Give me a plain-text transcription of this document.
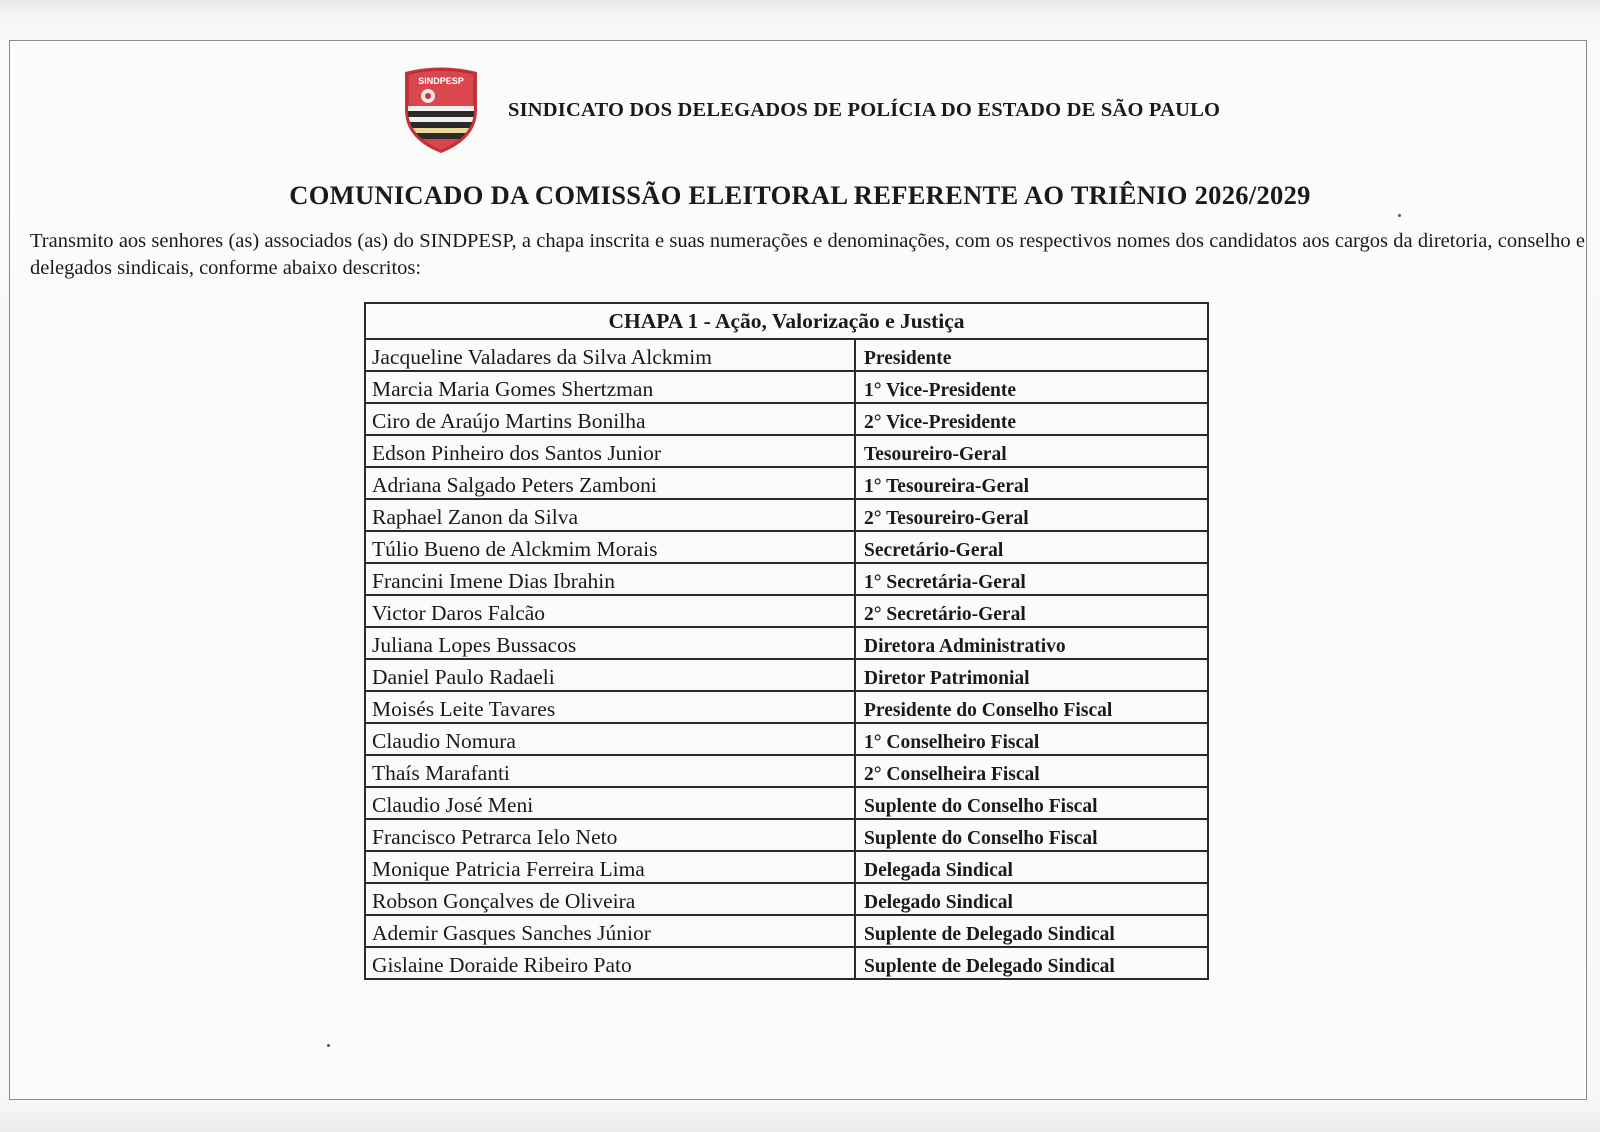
SINDPESP
SINDICATO DOS DELEGADOS DE POLÍCIA DO ESTADO DE SÃO PAULO
COMUNICADO DA COMISSÃO ELEITORAL REFERENTE AO TRIÊNIO 2026/2029
Transmito aos senhores (as) associados (as) do SINDPESP, a chapa inscrita e suas numerações e denominações, com os respectivos nomes dos candidatos aos cargos da diretoria, conselho e delegados sindicais, conforme abaixo descritos:
CHAPA 1 - Ação, Valorização e Justiça	
Jacqueline Valadares da Silva Alckmim	Presidente
Marcia Maria Gomes Shertzman	1° Vice-Presidente
Ciro de Araújo Martins Bonilha	2° Vice-Presidente
Edson Pinheiro dos Santos Junior	Tesoureiro-Geral
Adriana Salgado Peters Zamboni	1° Tesoureira-Geral
Raphael Zanon da Silva	2° Tesoureiro-Geral
Túlio Bueno de Alckmim Morais	Secretário-Geral
Francini Imene Dias Ibrahin	1° Secretária-Geral
Victor Daros Falcão	2° Secretário-Geral
Juliana Lopes Bussacos	Diretora Administrativo
Daniel Paulo Radaeli	Diretor Patrimonial
Moisés Leite Tavares	Presidente do Conselho Fiscal
Claudio Nomura	1° Conselheiro Fiscal
Thaís Marafanti	2° Conselheira Fiscal
Claudio José Meni	Suplente do Conselho Fiscal
Francisco Petrarca Ielo Neto	Suplente do Conselho Fiscal
Monique Patricia Ferreira Lima	Delegada Sindical
Robson Gonçalves de Oliveira	Delegado Sindical
Ademir Gasques Sanches Júnior	Suplente de Delegado Sindical
Gislaine Doraide Ribeiro Pato	Suplente de Delegado Sindical
